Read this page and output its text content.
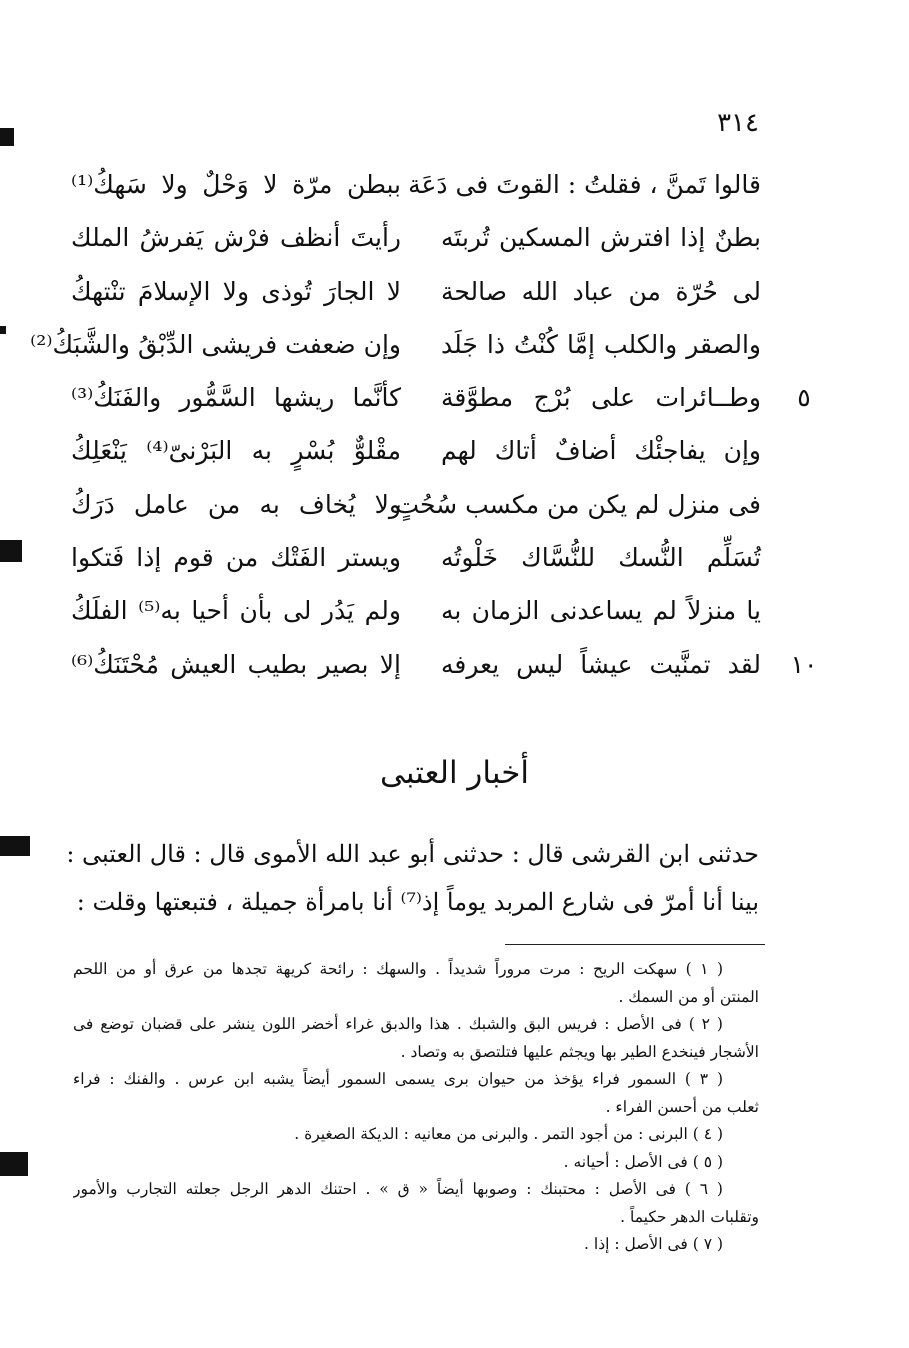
٣١٤
قالوا تَمنَّ ، فقلتُ : القوتَ فى دَعَة
ببطن مرّة لا وَحْلٌ ولا سَهكُ⁽¹⁾
بطنٌ إذا افترش المسكين تُربتَه
رأيتَ أنظف فرْش يَفرشُ الملك
لى حُرّة من عباد الله صالحة
لا الجارَ تُوذى ولا الإسلامَ تنْتهكُ
والصقر والكلب إمَّا كُنْتُ ذا جَلَد
وإن ضعفت فريشى الدِّبْقُ والشَّبَكُ⁽²⁾
٥
وطــائرات على بُرْج مطوَّقة
كأنَّما ريشها السَّمُّور والفَنَكُ⁽³⁾
وإن يفاجئْك أضافٌ أتاك لهم
مقْلوٌّ بُسْرٍ به البَرْنىّ⁽⁴⁾ يَنْعَلِكُ
فى منزل لم يكن من مكسب سُحُتٍ
ولا يُخاف به من عامل دَرَكُ
تُسَلِّم النُّسك للنُّسَّاك خَلْوتُه
ويستر الفَتْك من قوم إذا فَتكوا
يا منزلاً لم يساعدنى الزمان به
ولم يَدُر لى بأن أحيا به⁽⁵⁾ الفلَكُ
١٠
لقد تمنَّيت عيشاً ليس يعرفه
إلا بصير بطيب العيش مُحْتَنَكُ⁽⁶⁾
أخبار العتبى
حدثنى ابن القرشى قال : حدثنى أبو عبد الله الأموى قال : قال العتبى :
بينا أنا أمرّ فى شارع المربد يوماً إذ⁽⁷⁾ أنا بامرأة جميلة ، فتبعتها وقلت :
( ١ ) سهكت الريح : مرت مروراً شديداً . والسهك : رائحة كريهة تجدها من عرق أو من اللحم
المنتن أو من السمك .
( ٢ ) فى الأصل : فريس البق والشبك . هذا والدبق غراء أخضر اللون ينشر على قضبان توضع فى
الأشجار فينخدع الطير بها ويجثم عليها فتلتصق به وتصاد .
( ٣ ) السمور فراء يؤخذ من حيوان برى يسمى السمور أيضاً يشبه ابن عرس . والفنك : فراء
ثعلب من أحسن الفراء .
( ٤ ) البرنى : من أجود التمر . والبرنى من معانيه : الديكة الصغيرة .
( ٥ ) فى الأصل : أحيانه .
( ٦ ) فى الأصل : محتبنك : وصوبها أيضاً « ق » . احتنك الدهر الرجل جعلته التجارب والأمور
وتقلبات الدهر حكيماً .
( ٧ ) فى الأصل : إذا .
